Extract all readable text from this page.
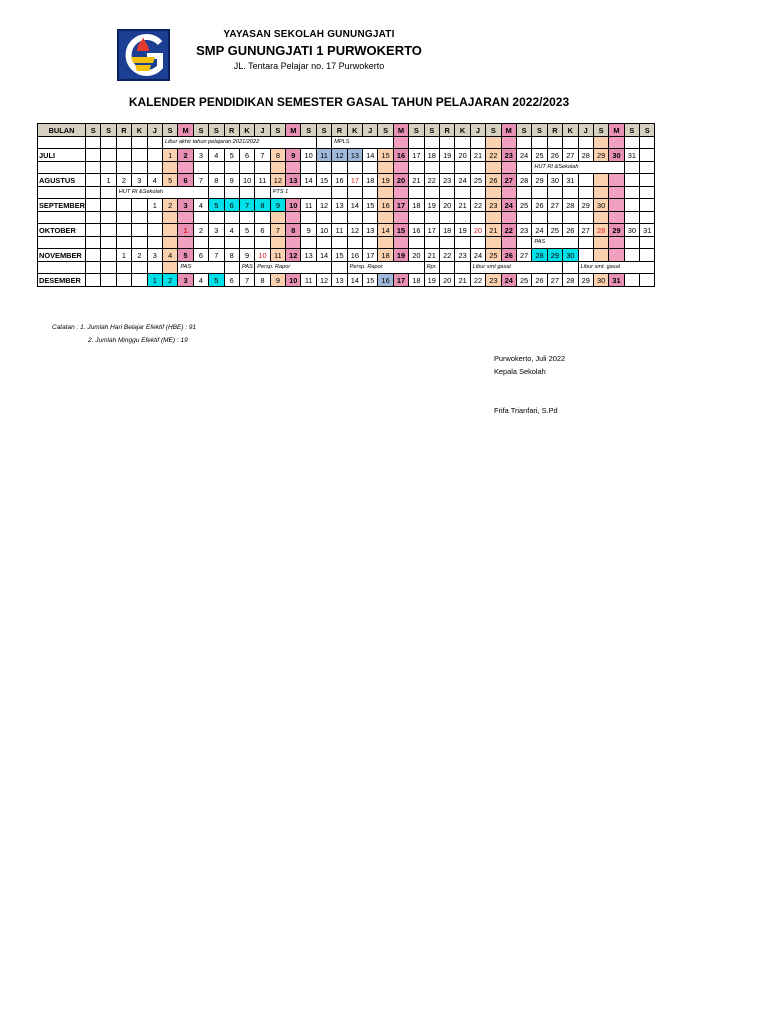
YAYASAN SEKOLAH GUNUNGJATI
SMP GUNUNGJATI 1 PURWOKERTO
JL. Tentara Pelajar no. 17 Purwokerto
KALENDER PENDIDIKAN SEMESTER GASAL TAHUN PELAJARAN 2022/2023
BULAN	S	S	R	K	J	S	M	S	S	R	K	J	S	M	S	S	R	K	J	S	M	S	S	R	K	J	S	M	S	S	R	K	J	S	M	S	S
						Libur akhir tahun pelajaran 2021/2022											MPLS																				
JULI						1	2	3	4	5	6	7	8	9	10	11	12	13	14	15	16	17	18	19	20	21	22	23	24	25	26	27	28	29	30	31	
																														HUT RI &Sekolah							
AGUSTUS		1	2	3	4	5	6	7	8	9	10	11	12	13	14	15	16	17	18	19	20	21	22	23	24	25	26	27	28	29	30	31					
			HUT RI &Sekolah										PTS 1																								
SEPTEMBER					1	2	3	4	5	6	7	8	9	10	11	12	13	14	15	16	17	18	19	20	21	22	23	24	25	26	27	28	29	30			

OKTOBER							1	2	3	4	5	6	7	8	9	10	11	12	13	14	15	16	17	18	19	20	21	22	23	24	25	26	27	28	29	30	31
																														PAS							
NOVEMBER			1	2	3	4	5	6	7	8	9	10	11	12	13	14	15	16	17	18	19	20	21	22	23	24	25	26	27	28	29	30					
							PAS				PAS	Persp. Rapor						Persp. Rapor					Rpr.			Libur smt gasal							Libur smt. gasal				
DESEMBER					1	2	3	4	5	6	7	8	9	10	11	12	13	14	15	16	17	18	19	20	21	22	23	24	25	26	27	28	29	30	31		
Catatan : 1. Jumlah Hari Belajar Efektif (HBE) : 91
2. Jumlah Minggu Efektif (ME) : 19
Purwokerto, Juli 2022
Kepala Sekolah
Frifa Trianfari, S.Pd
